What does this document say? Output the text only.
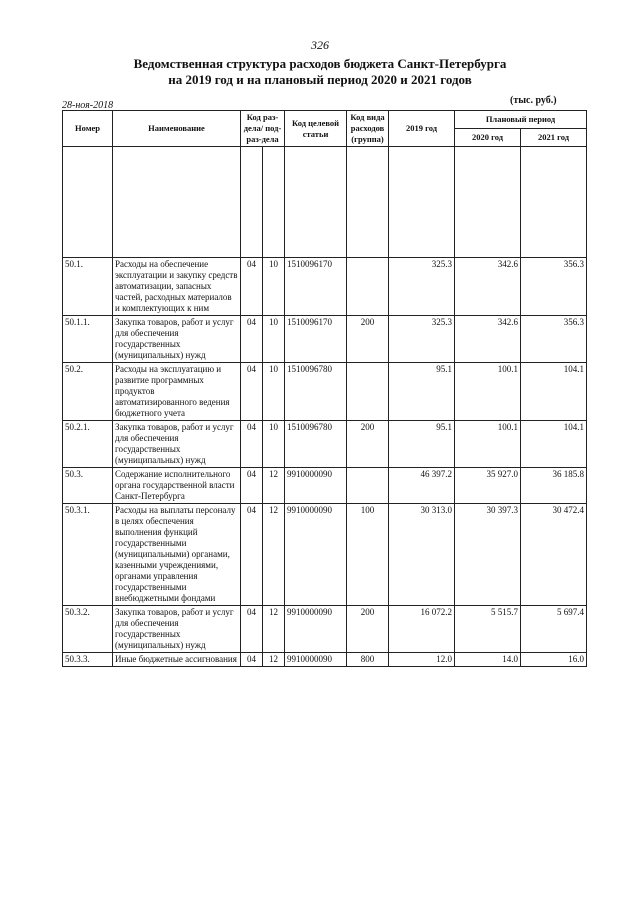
326
Ведомственная структура расходов бюджета Санкт-Петербурга
на 2019 год и на плановый период 2020 и 2021 годов
28-ноя-2018	(тыс. руб.)
Номер	Наименование	Код раз-дела/ под-раз-дела		Код целевой статьи	Код вида расходов (группа)	2019 год	Плановый период	
							2020 год	2021 год

50.1.	Расходы на обеспечение эксплуатации и закупку средств автоматизации, запасных частей, расходных материалов и комплектующих к ним	04	10	1510096170		325.3	342.6	356.3
50.1.1.	Закупка товаров, работ и услуг для обеспечения государственных (муниципальных) нужд	04	10	1510096170	200	325.3	342.6	356.3
50.2.	Расходы на эксплуатацию и развитие программных продуктов автоматизированного ведения бюджетного учета	04	10	1510096780		95.1	100.1	104.1
50.2.1.	Закупка товаров, работ и услуг для обеспечения государственных (муниципальных) нужд	04	10	1510096780	200	95.1	100.1	104.1
50.3.	Содержание исполнительного органа государственной власти Санкт-Петербурга	04	12	9910000090		46 397.2	35 927.0	36 185.8
50.3.1.	Расходы на выплаты персоналу в целях обеспечения выполнения функций государственными (муниципальными) органами, казенными учреждениями, органами управления государственными внебюджетными фондами	04	12	9910000090	100	30 313.0	30 397.3	30 472.4
50.3.2.	Закупка товаров, работ и услуг для обеспечения государственных (муниципальных) нужд	04	12	9910000090	200	16 072.2	5 515.7	5 697.4
50.3.3.	Иные бюджетные ассигнования	04	12	9910000090	800	12.0	14.0	16.0
